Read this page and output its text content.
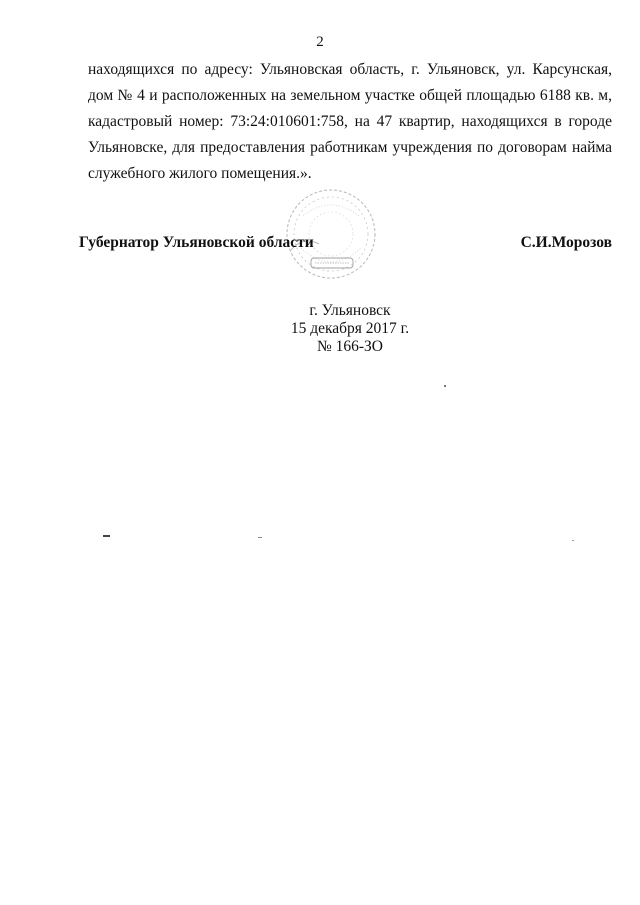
2
находящихся по адресу: Ульяновская область, г. Ульяновск, ул. Карсунская,
дом № 4 и расположенных на земельном участке общей площадью 6188 кв. м,
кадастровый номер: 73:24:010601:758, на 47 квартир, находящихся в городе
Ульяновске, для предоставления работникам учреждения по договорам найма
служебного жилого помещения.».
Губернатор Ульяновской области	С.И.Морозов
г. Ульяновск
15 декабря 2017 г.
№ 166-ЗО
